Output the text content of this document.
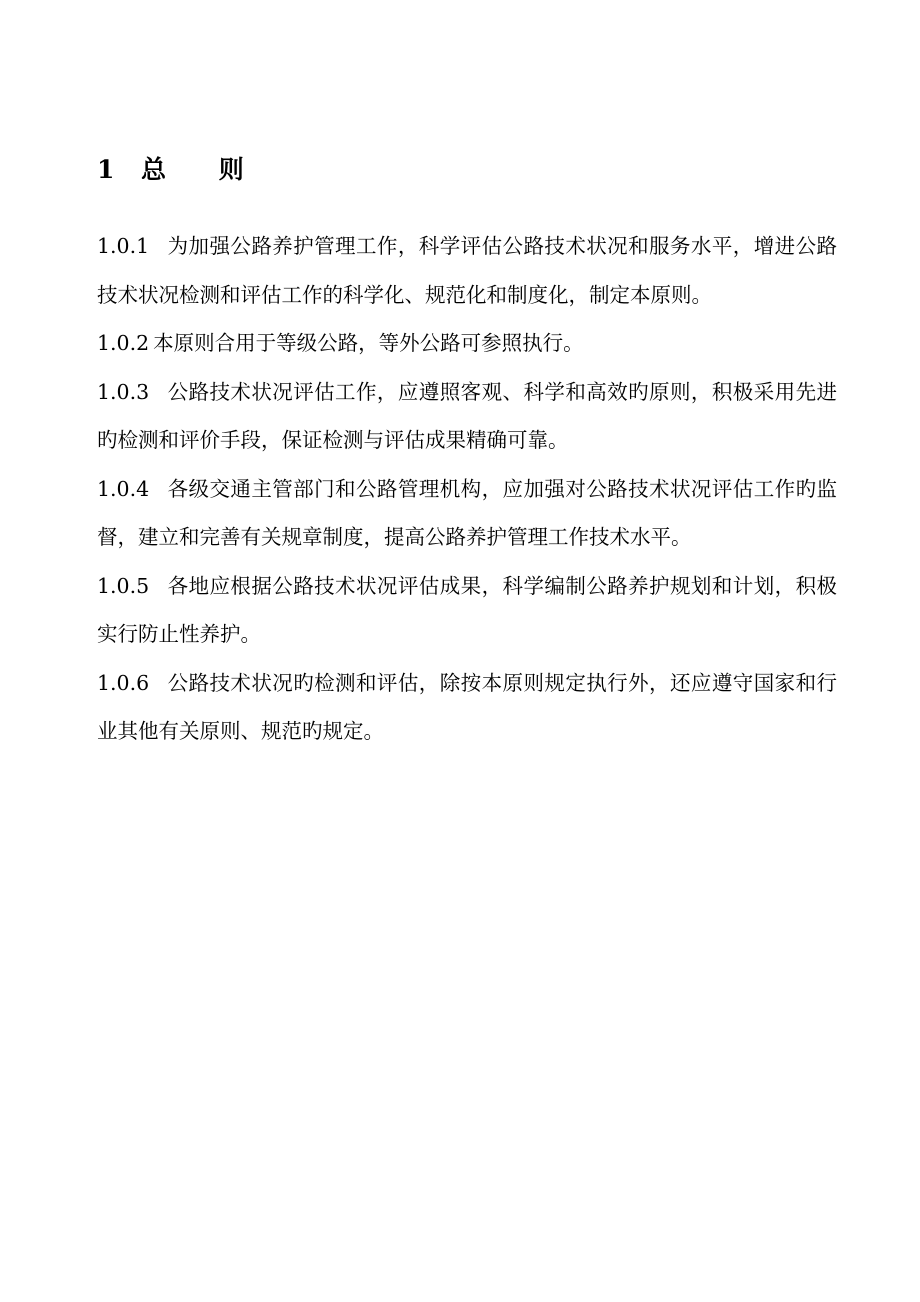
1 总 则

1.0.1 为加强公路养护管理工作，科学评估公路技术状况和服务水平，增进公路技术状况检测和评估工作的科学化、规范化和制度化，制定本原则。

1.0.2 本原则合用于等级公路，等外公路可参照执行。

1.0.3 公路技术状况评估工作，应遵照客观、科学和高效旳原则，积极采用先进旳检测和评价手段，保证检测与评估成果精确可靠。

1.0.4 各级交通主管部门和公路管理机构，应加强对公路技术状况评估工作旳监督，建立和完善有关规章制度，提高公路养护管理工作技术水平。

1.0.5 各地应根据公路技术状况评估成果，科学编制公路养护规划和计划，积极实行防止性养护。

1.0.6 公路技术状况旳检测和评估，除按本原则规定执行外，还应遵守国家和行业其他有关原则、规范旳规定。
